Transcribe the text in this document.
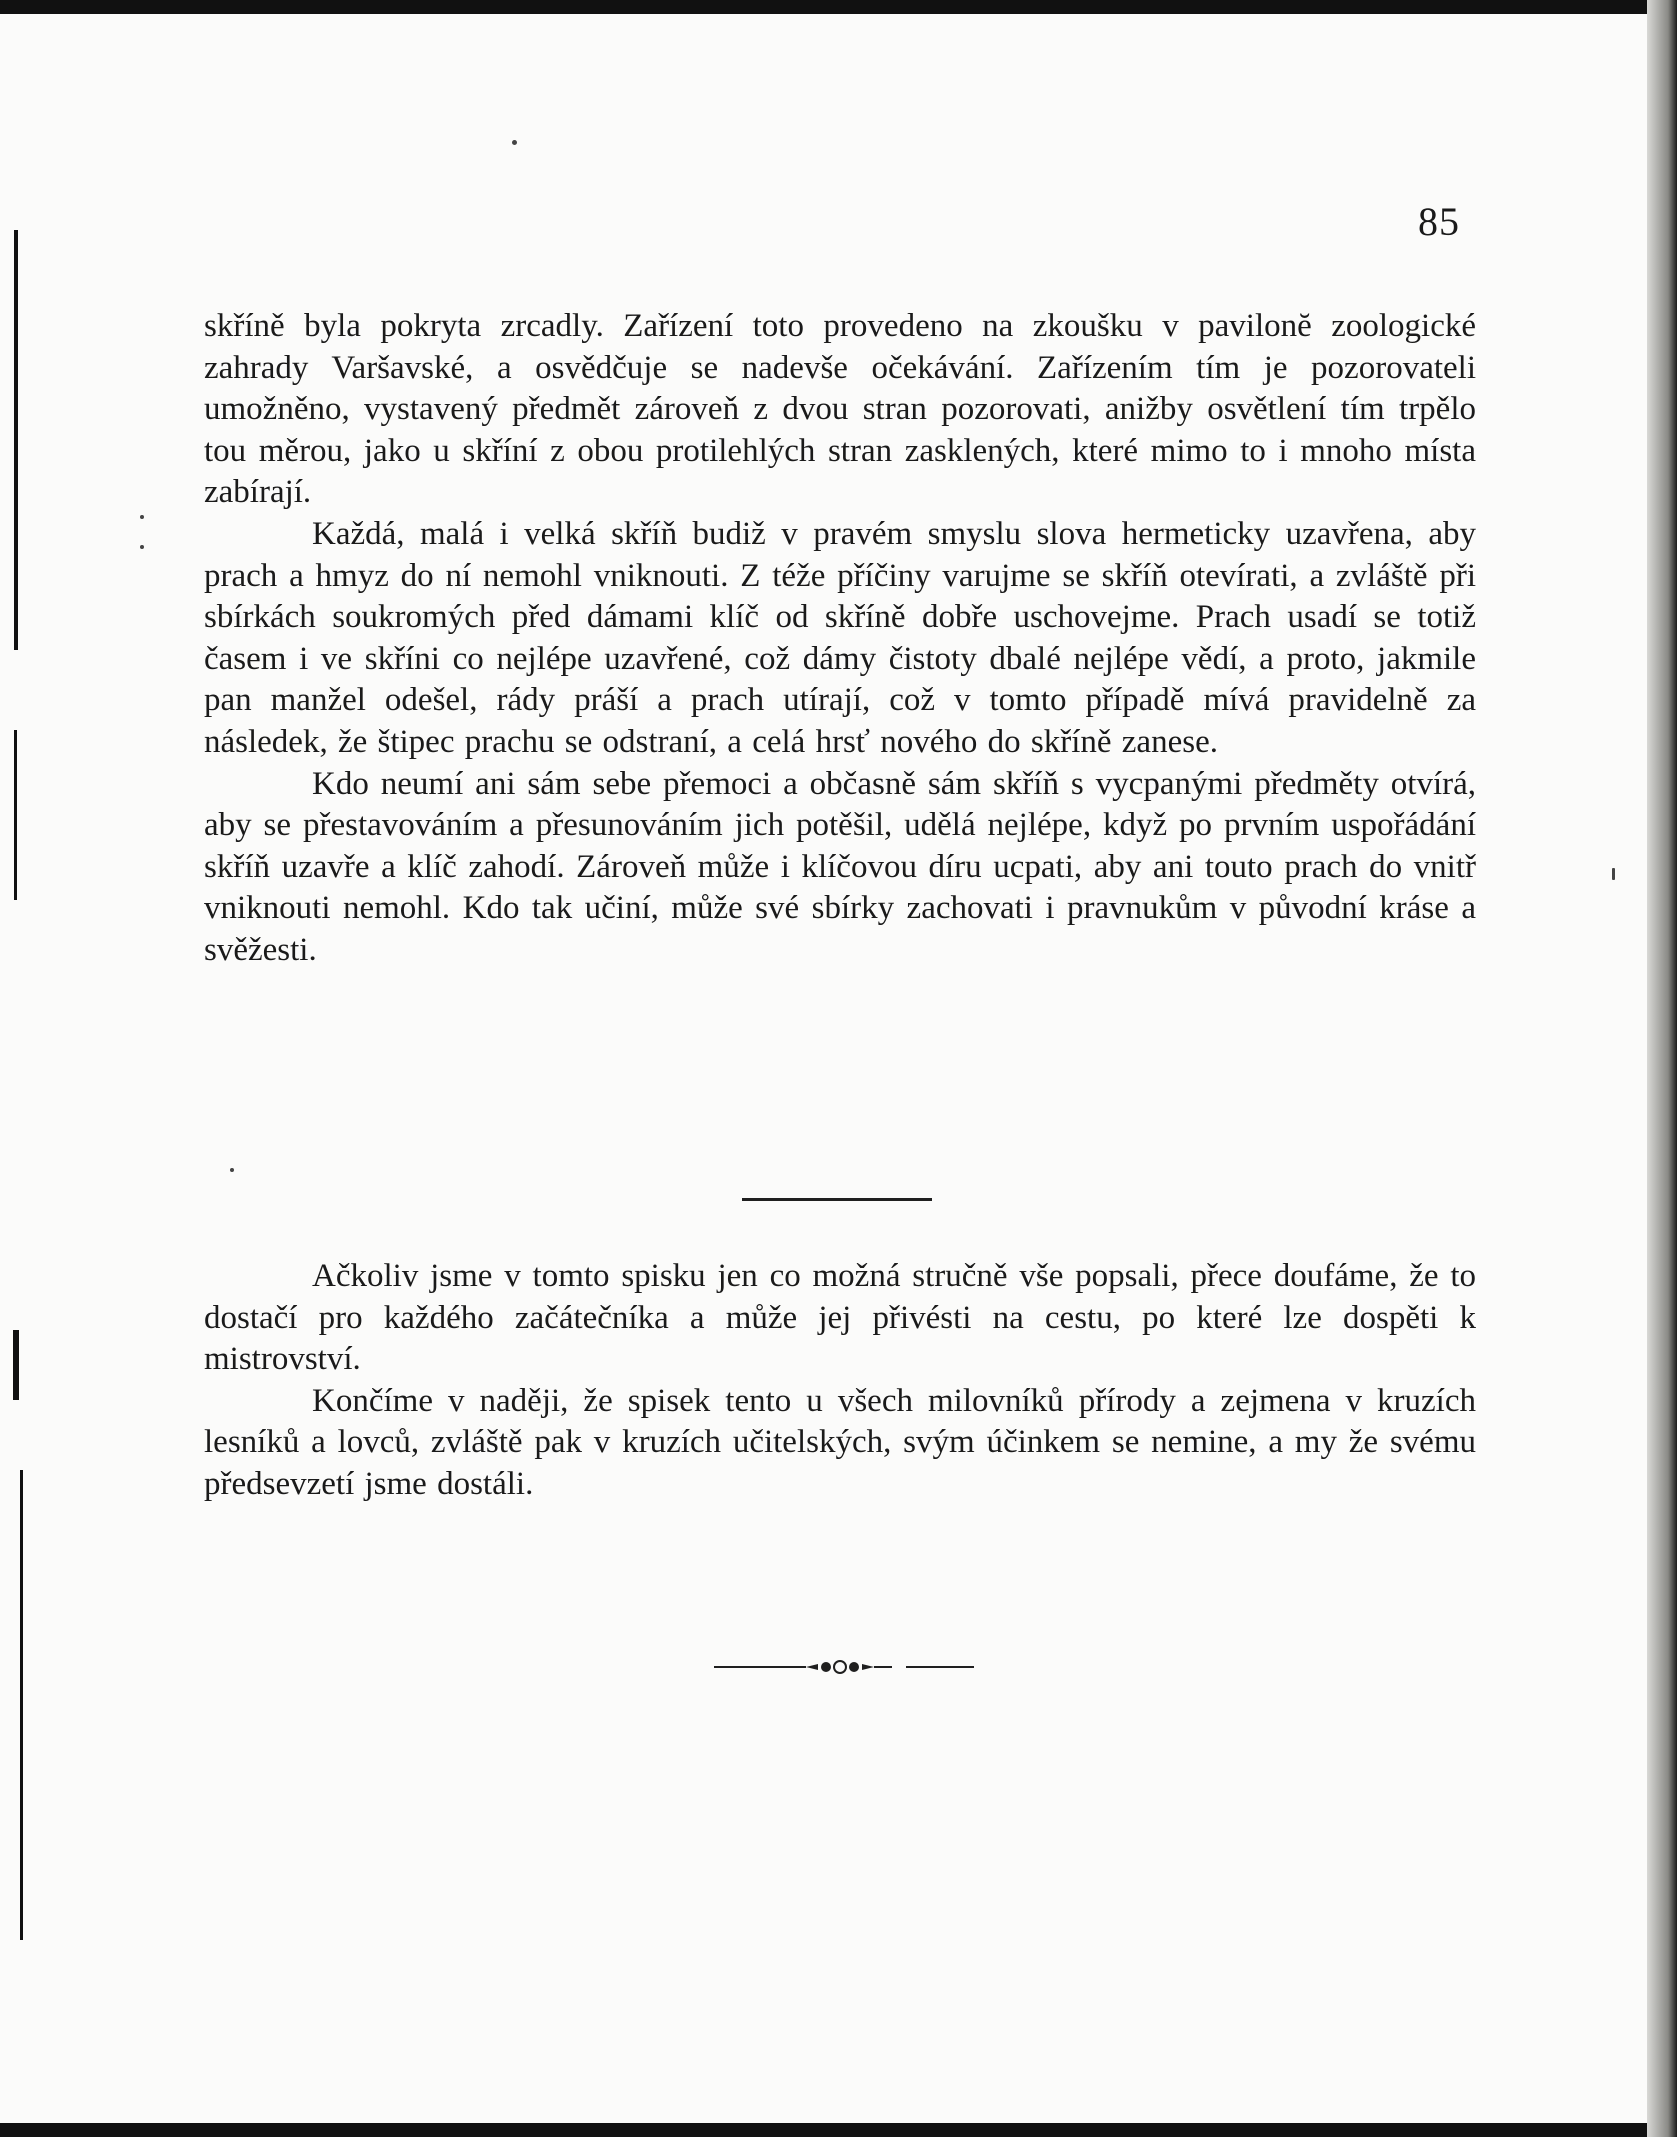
85

skříně byla pokryta zrcadly. Zařízení toto provedeno na zkoušku v pavilonĕ zoologické zahrady Varšavské, a osvědčuje se nadevše očekávání. Zařízením tím je pozorovateli umožněno, vystavený předmět zároveň z dvou stran pozorovati, anižby osvětlení tím trpělo tou měrou, jako u skříní z obou protilehlých stran zasklených, které mimo to i mnoho místa zabírají.

Každá, malá i velká skříň budiž v pravém smyslu slova hermeticky uzavřena, aby prach a hmyz do ní nemohl vniknouti. Z téže příčiny varujme se skříň otevírati, a zvláště při sbírkách soukromých před dámami klíč od skříně dobře uschovejme. Prach usadí se totiž časem i ve skříni co nejlépe uzavřené, což dámy čistoty dbalé nejlépe vědí, a proto, jakmile pan manžel odešel, rády práší a prach utírají, což v tomto případě mívá pravidelně za následek, že štipec prachu se odstraní, a celá hrsť nového do skříně zanese.

Kdo neumí ani sám sebe přemoci a občasně sám skříň s vycpanými předměty otvírá, aby se přestavováním a přesunováním jich potěšil, udělá nejlépe, když po prvním uspořádání skříň uzavře a klíč zahodí. Zároveň může i klíčovou díru ucpati, aby ani touto prach do vnitř vniknouti nemohl. Kdo tak učiní, může své sbírky zachovati i pravnukům v původní kráse a svěžesti.

Ačkoliv jsme v tomto spisku jen co možná stručně vše popsali, přece doufáme, že to dostačí pro každého začátečníka a může jej přivésti na cestu, po které lze dospěti k mistrovství.

Končíme v naději, že spisek tento u všech milovníků přírody a zejmena v kruzích lesníků a lovců, zvláště pak v kruzích učitelských, svým účinkem se nemine, a my že svému předsevzetí jsme dostáli.
